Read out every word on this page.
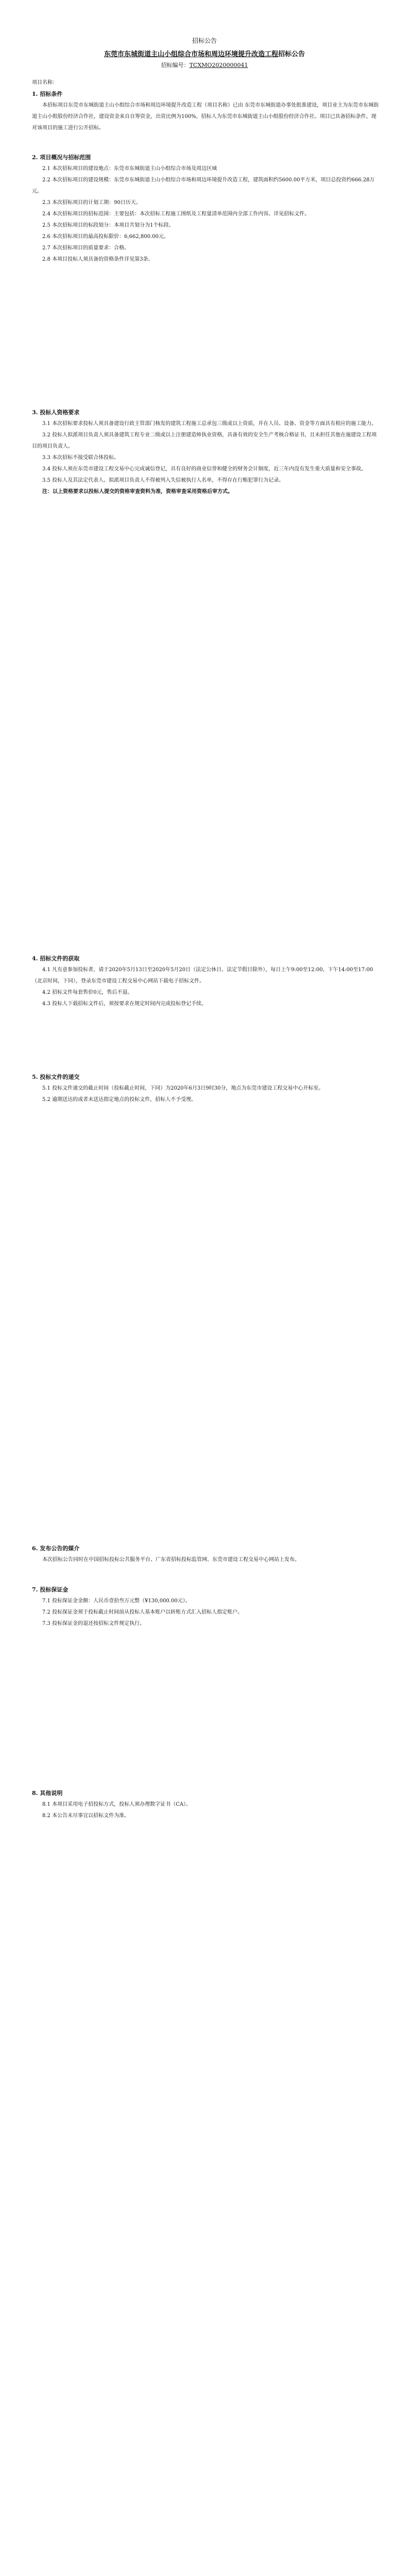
招标公告
东莞市东城街道主山小组综合市场和周边环境提升改造工程招标公告
招标编号：TCXMO2020000041

项目名称：

1. 招标条件

本招标项目东莞市东城街道主山小组综合市场和周边环境提升改造工程（项目名称）已由 东莞市东城街道办事处批准建设，项目业主为东莞市东城街道主山小组股份经济合作社，建设资金来自自筹资金，出资比例为100%，招标人为东莞市东城街道主山小组股份经济合作社。项目已具备招标条件，现对该项目的施工进行公开招标。

2. 项目概况与招标范围

2.1 本次招标项目的建设地点：东莞市东城街道主山小组综合市场及周边区域

2.2 本次招标项目的建设规模：东莞市东城街道主山小组综合市场和周边环境提升改造工程，建筑面积约5600.00平方米，项目总投资约666.28万元。

2.3 本次招标项目的计划工期：90日历天。

2.4 本次招标项目的招标范围：主要包括：本次招标工程施工图纸及工程量清单范围内全部工作内容。详见招标文件。

2.5 本次招标项目的标段划分：本项目共划分为1个标段。

2.6 本次招标项目的最高投标限价：6,662,800.00元。

2.7 本次招标项目的质量要求：合格。

2.8 本项目投标人须具备的资格条件详见第3条。

3. 投标人资格要求

3.1 本次招标要求投标人须具备建设行政主管部门核发的建筑工程施工总承包三级或以上资质，并在人员、设备、资金等方面具有相应的施工能力。

3.2 投标人拟派项目负责人须具备建筑工程专业二级或以上注册建造师执业资格，具备有效的安全生产考核合格证书，且未担任其他在施建设工程项目的项目负责人。

3.3 本次招标不接受联合体投标。

3.4 投标人须在东莞市建设工程交易中心完成诚信登记，具有良好的商业信誉和健全的财务会计制度，近三年内没有发生重大质量和安全事故。

3.5 投标人及其法定代表人、拟派项目负责人不得被列入失信被执行人名单，不得存在行贿犯罪行为记录。

注：以上资格要求以投标人提交的资格审查资料为准，资格审查采用资格后审方式。

4. 招标文件的获取

4.1 凡有意参加投标者，请于2020年5月13日至2020年5月20日（法定公休日、法定节假日除外），每日上午9:00至12:00，下午14:00至17:00（北京时间，下同），登录东莞市建设工程交易中心网站下载电子招标文件。

4.2 招标文件每套售价0元，售后不退。

4.3 投标人下载招标文件后，须按要求在规定时间内完成投标登记手续。

5. 投标文件的递交

5.1 投标文件递交的截止时间（投标截止时间，下同）为2020年6月3日9时30分，地点为东莞市建设工程交易中心开标室。

5.2 逾期送达的或者未送达指定地点的投标文件，招标人不予受理。

6. 发布公告的媒介

本次招标公告同时在中国招标投标公共服务平台、广东省招标投标监管网、东莞市建设工程交易中心网站上发布。

7. 投标保证金

7.1 投标保证金金额：人民币壹拾叁万元整（¥130,000.00元）。

7.2 投标保证金须于投标截止时间前从投标人基本账户以转账方式汇入招标人指定账户。

7.3 投标保证金的退还按招标文件规定执行。

8. 其他说明

8.1 本项目采用电子招投标方式，投标人须办理数字证书（CA）。

8.2 本公告未尽事宜以招标文件为准。
